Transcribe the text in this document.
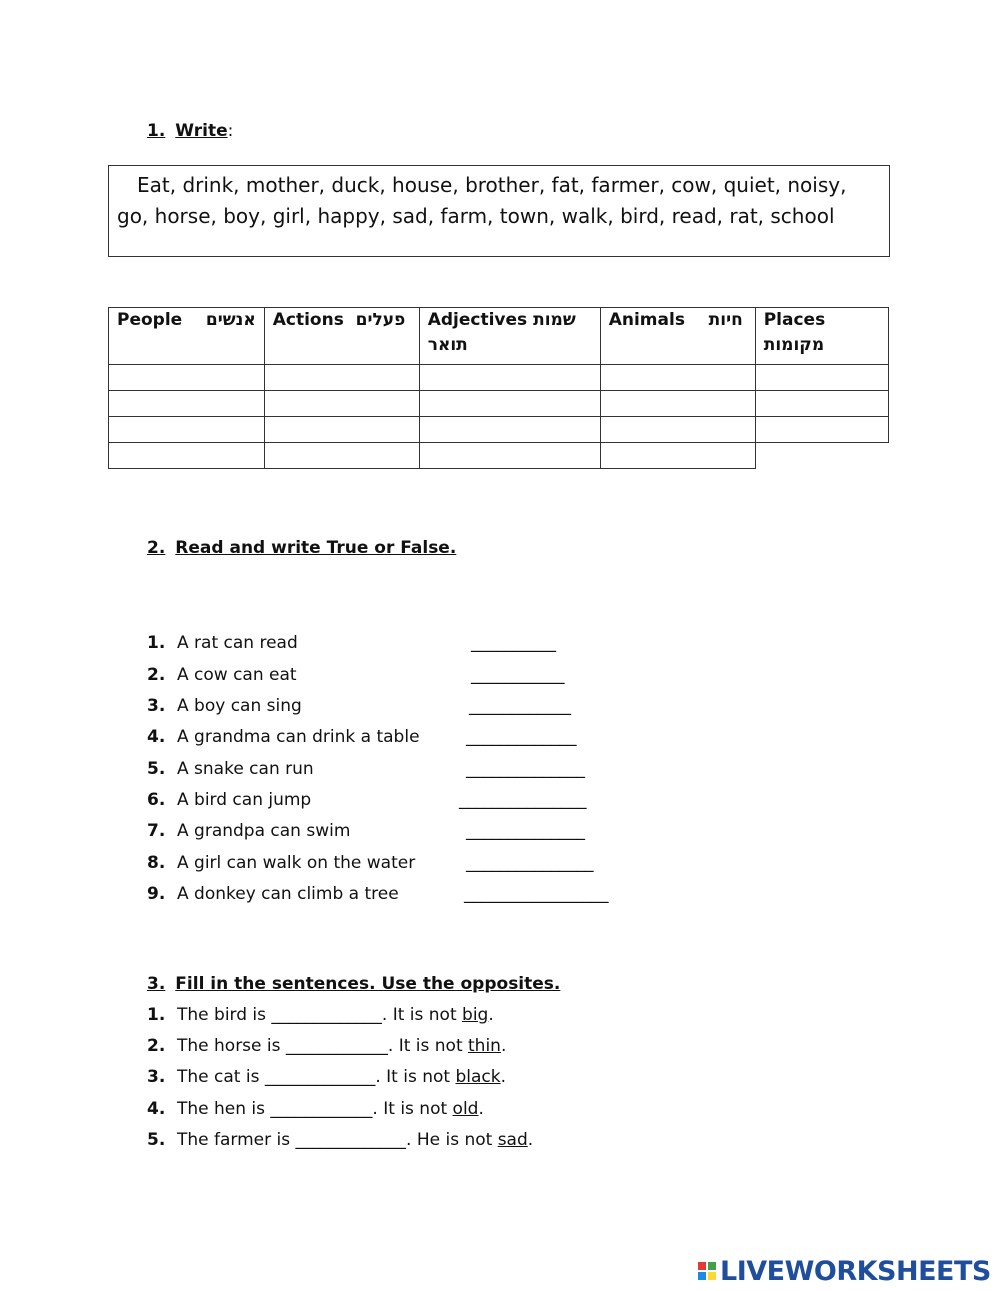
1. Write:
Eat, drink, mother, duck, house, brother, fat, farmer, cow, quiet, noisy, go, horse, boy, girl, happy, sad, farm, town, walk, bird, read, rat, school
People אנשים	Actions פעלים	Adjectives שמות תואר	Animals חיות	Places
מקומות

2. Read and write True or False.
1. A rat can read	__________
2. A cow can eat	___________
3. A boy can sing	____________
4. A grandma can drink a table	_____________
5. A snake can run	______________
6. A bird can jump	_______________
7. A grandpa can swim	______________
8. A girl can walk on the water	_______________
9. A donkey can climb a tree	_________________
3. Fill in the sentences. Use the opposites.
1. The bird is _____________. It is not big.
2. The horse is ____________. It is not thin.
3. The cat is _____________. It is not black.
4. The hen is ____________. It is not old.
5. The farmer is _____________. He is not sad.
LIVEWORKSHEETS
